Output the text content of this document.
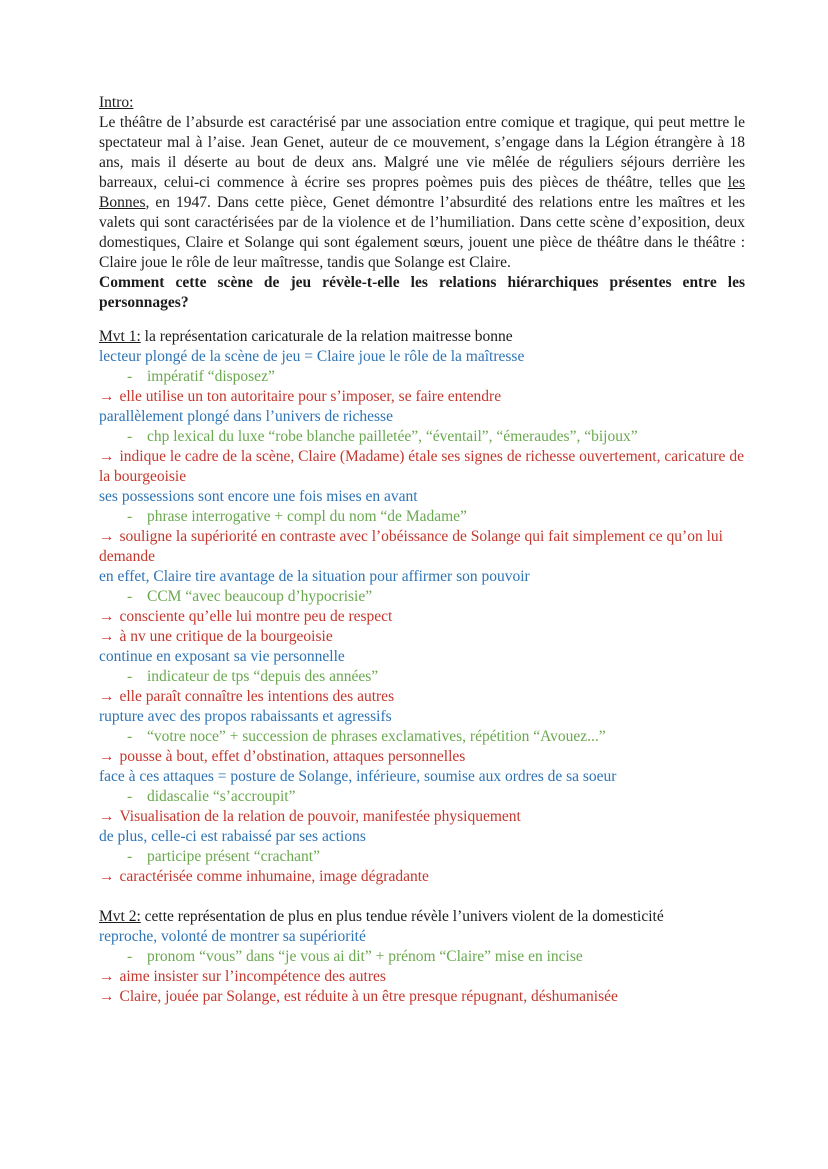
Intro:
Le théâtre de l’absurde est caractérisé par une association entre comique et tragique, qui peut mettre le spectateur mal à l’aise. Jean Genet, auteur de ce mouvement, s’engage dans la Légion étrangère à 18 ans, mais il déserte au bout de deux ans. Malgré une vie mêlée de réguliers séjours derrière les barreaux, celui-ci commence à écrire ses propres poèmes puis des pièces de théâtre, telles que les Bonnes, en 1947. Dans cette pièce, Genet démontre l’absurdité des relations entre les maîtres et les valets qui sont caractérisées par de la violence et de l’humiliation. Dans cette scène d’exposition, deux domestiques, Claire et Solange qui sont également sœurs, jouent une pièce de théâtre dans le théâtre : Claire joue le rôle de leur maîtresse, tandis que Solange est Claire.
Comment cette scène de jeu révèle-t-elle les relations hiérarchiques présentes entre les personnages?
Mvt 1: la représentation caricaturale de la relation maitresse bonne
lecteur plongé de la scène de jeu = Claire joue le rôle de la maîtresse
- impératif “disposez”
→ elle utilise un ton autoritaire pour s’imposer, se faire entendre
parallèlement plongé dans l’univers de richesse
- chp lexical du luxe “robe blanche pailletée”, “éventail”, “émeraudes”, “bijoux”
→ indique le cadre de la scène, Claire (Madame) étale ses signes de richesse ouvertement, caricature de la bourgeoisie
ses possessions sont encore une fois mises en avant
- phrase interrogative + compl du nom “de Madame”
→ souligne la supériorité en contraste avec l’obéissance de Solange qui fait simplement ce qu’on lui demande
en effet, Claire tire avantage de la situation pour affirmer son pouvoir
- CCM “avec beaucoup d’hypocrisie”
→ consciente qu’elle lui montre peu de respect
→ à nv une critique de la bourgeoisie
continue en exposant sa vie personnelle
- indicateur de tps “depuis des années”
→ elle paraît connaître les intentions des autres
rupture avec des propos rabaissants et agressifs
- “votre noce” + succession de phrases exclamatives, répétition “Avouez...”
→ pousse à bout, effet d’obstination, attaques personnelles
face à ces attaques = posture de Solange, inférieure, soumise aux ordres de sa soeur
- didascalie “s’accroupit”
→ Visualisation de la relation de pouvoir, manifestée physiquement
de plus, celle-ci est rabaissé par ses actions
- participe présent “crachant”
→ caractérisée comme inhumaine, image dégradante
Mvt 2: cette représentation de plus en plus tendue révèle l’univers violent de la domesticité
reproche, volonté de montrer sa supériorité
- pronom “vous” dans “je vous ai dit” + prénom “Claire” mise en incise
→ aime insister sur l’incompétence des autres
→ Claire, jouée par Solange, est réduite à un être presque répugnant, déshumanisée
